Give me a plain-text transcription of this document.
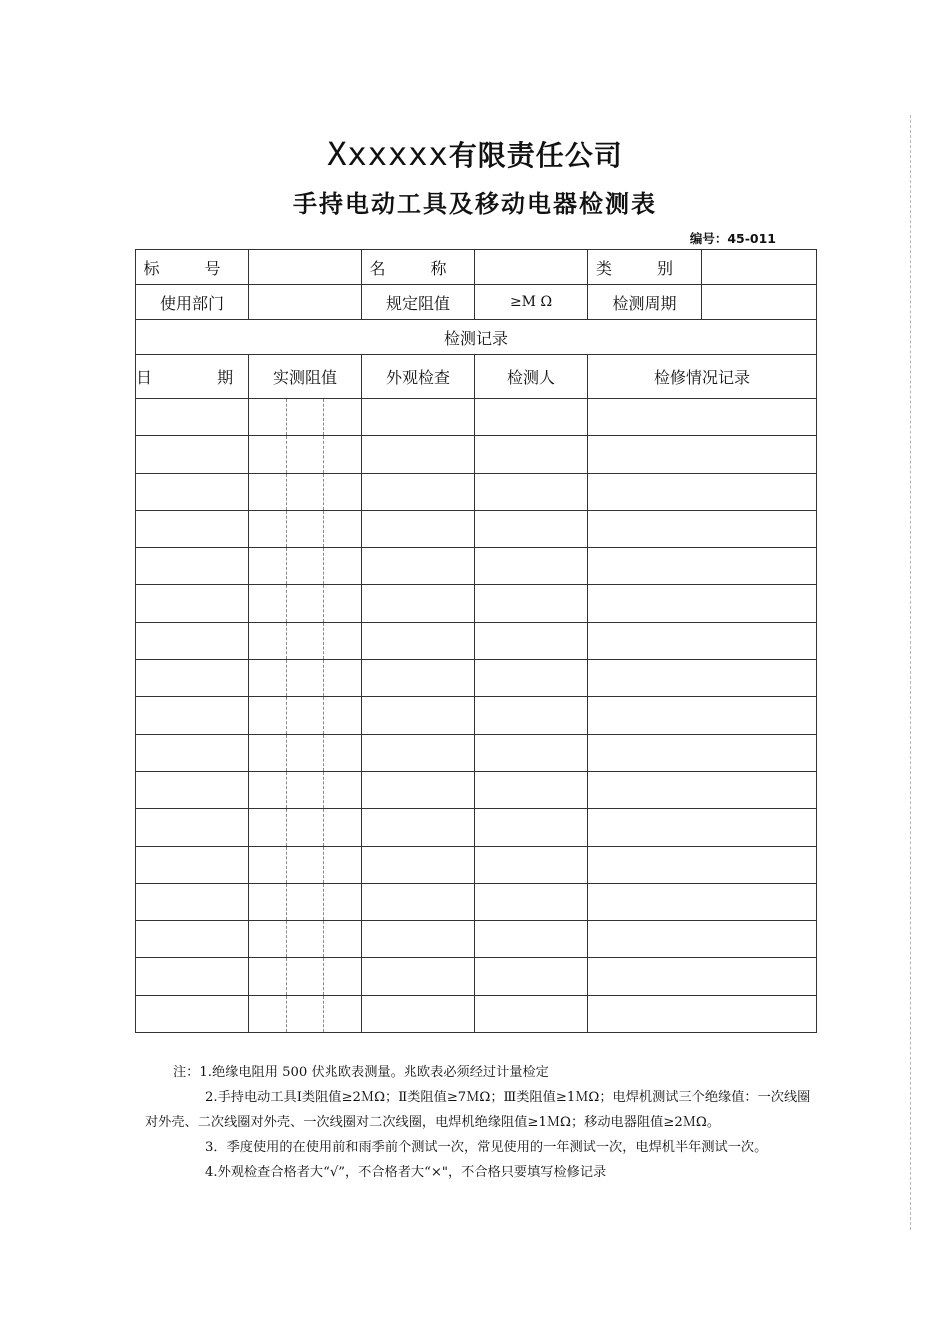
Xxxxxx有限责任公司
手持电动工具及移动电器检测表
编号：45-011
标 号		名 称		类 别	
使用部门		规定阻值	≥M Ω	检测周期	
检测记录					
日 期	实测阻值	外观检查	检测人	检修情况记录	

注：1.绝缘电阻用 500 伏兆欧表测量。兆欧表必须经过计量检定

2.手持电动工具Ⅰ类阻值≥2ＭΩ；Ⅱ类阻值≥7ＭΩ；Ⅲ类阻值≥1ＭΩ；电焊机测试三个绝缘值：一次线圈对外壳、二次线圈对外壳、一次线圈对二次线圈，电焊机绝缘阻值≥1ＭΩ；移动电器阻值≥2ＭΩ。

3．季度使用的在使用前和雨季前个测试一次，常见使用的一年测试一次，电焊机半年测试一次。

4.外观检查合格者大“√”，不合格者大“×"，不合格只要填写检修记录
